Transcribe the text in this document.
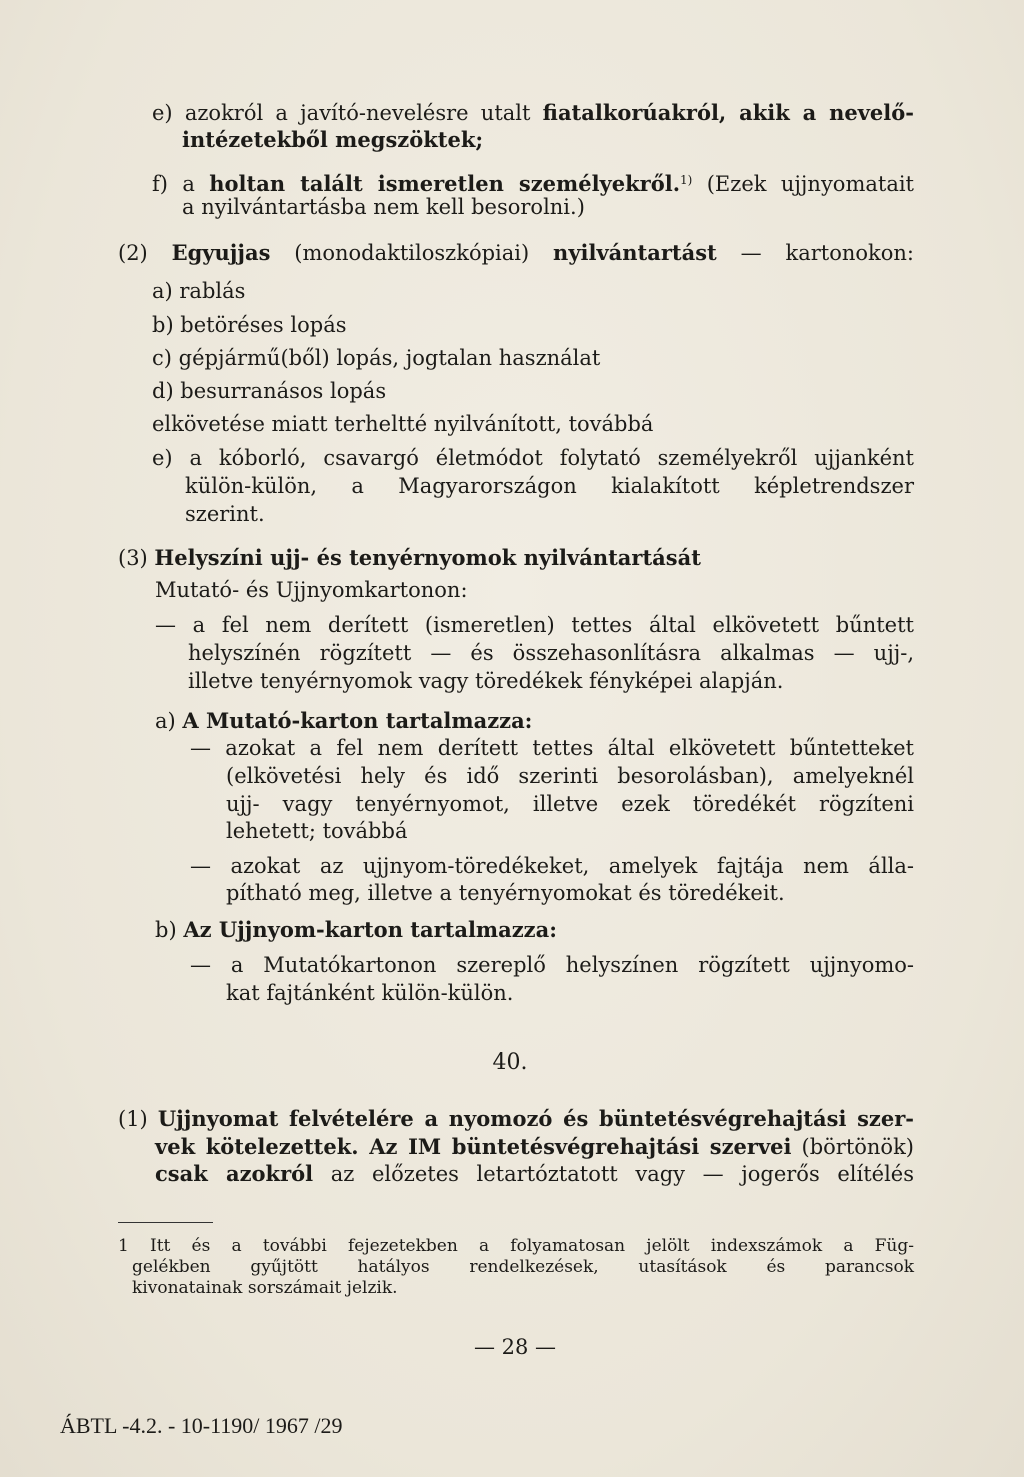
e) azokról a javító-nevelésre utalt fiatalkorúakról, akik a nevelő-
intézetekből megszöktek;
f) a holtan talált ismeretlen személyekről.$^{1)}$ (Ezek ujjnyomatait
a nyilvántartásba nem kell besorolni.)
(2) Egyujjas (monodaktiloszkópiai) nyilvántartást — kartonokon:
a) rablás
b) betöréses lopás
c) gépjármű(ből) lopás, jogtalan használat
d) besurranásos lopás
elkövetése miatt terheltté nyilvánított, továbbá
e) a kóborló, csavargó életmódot folytató személyekről ujjanként
külön-külön, a Magyarországon kialakított képletrendszer
szerint.
(3) Helyszíni ujj- és tenyérnyomok nyilvántartását
Mutató- és Ujjnyomkartonon:
— a fel nem derített (ismeretlen) tettes által elkövetett bűntett
helyszínén rögzített — és összehasonlításra alkalmas — ujj-,
illetve tenyérnyomok vagy töredékek fényképei alapján.
a) A Mutató-karton tartalmazza:
— azokat a fel nem derített tettes által elkövetett bűntetteket
(elkövetési hely és idő szerinti besorolásban), amelyeknél
ujj- vagy tenyérnyomot, illetve ezek töredékét rögzíteni
lehetett; továbbá
— azokat az ujjnyom-töredékeket, amelyek fajtája nem álla-
pítható meg, illetve a tenyérnyomokat és töredékeit.
b) Az Ujjnyom-karton tartalmazza:
— a Mutatókartonon szereplő helyszínen rögzített ujjnyomo-
kat fajtánként külön-külön.
40.
(1) Ujjnyomat felvételére a nyomozó és büntetésvégrehajtási szer-
vek kötelezettek. Az IM büntetésvégrehajtási szervei (börtönök)
csak azokról az előzetes letartóztatott vagy — jogerős elítélés
1 Itt és a további fejezetekben a folyamatosan jelölt indexszámok a Füg-
gelékben gyűjtött hatályos rendelkezések, utasítások és parancsok
kivonatainak sorszámait jelzik.
— 28 —
ÁBTL -4.2. - 10-1190/ 1967 /29
